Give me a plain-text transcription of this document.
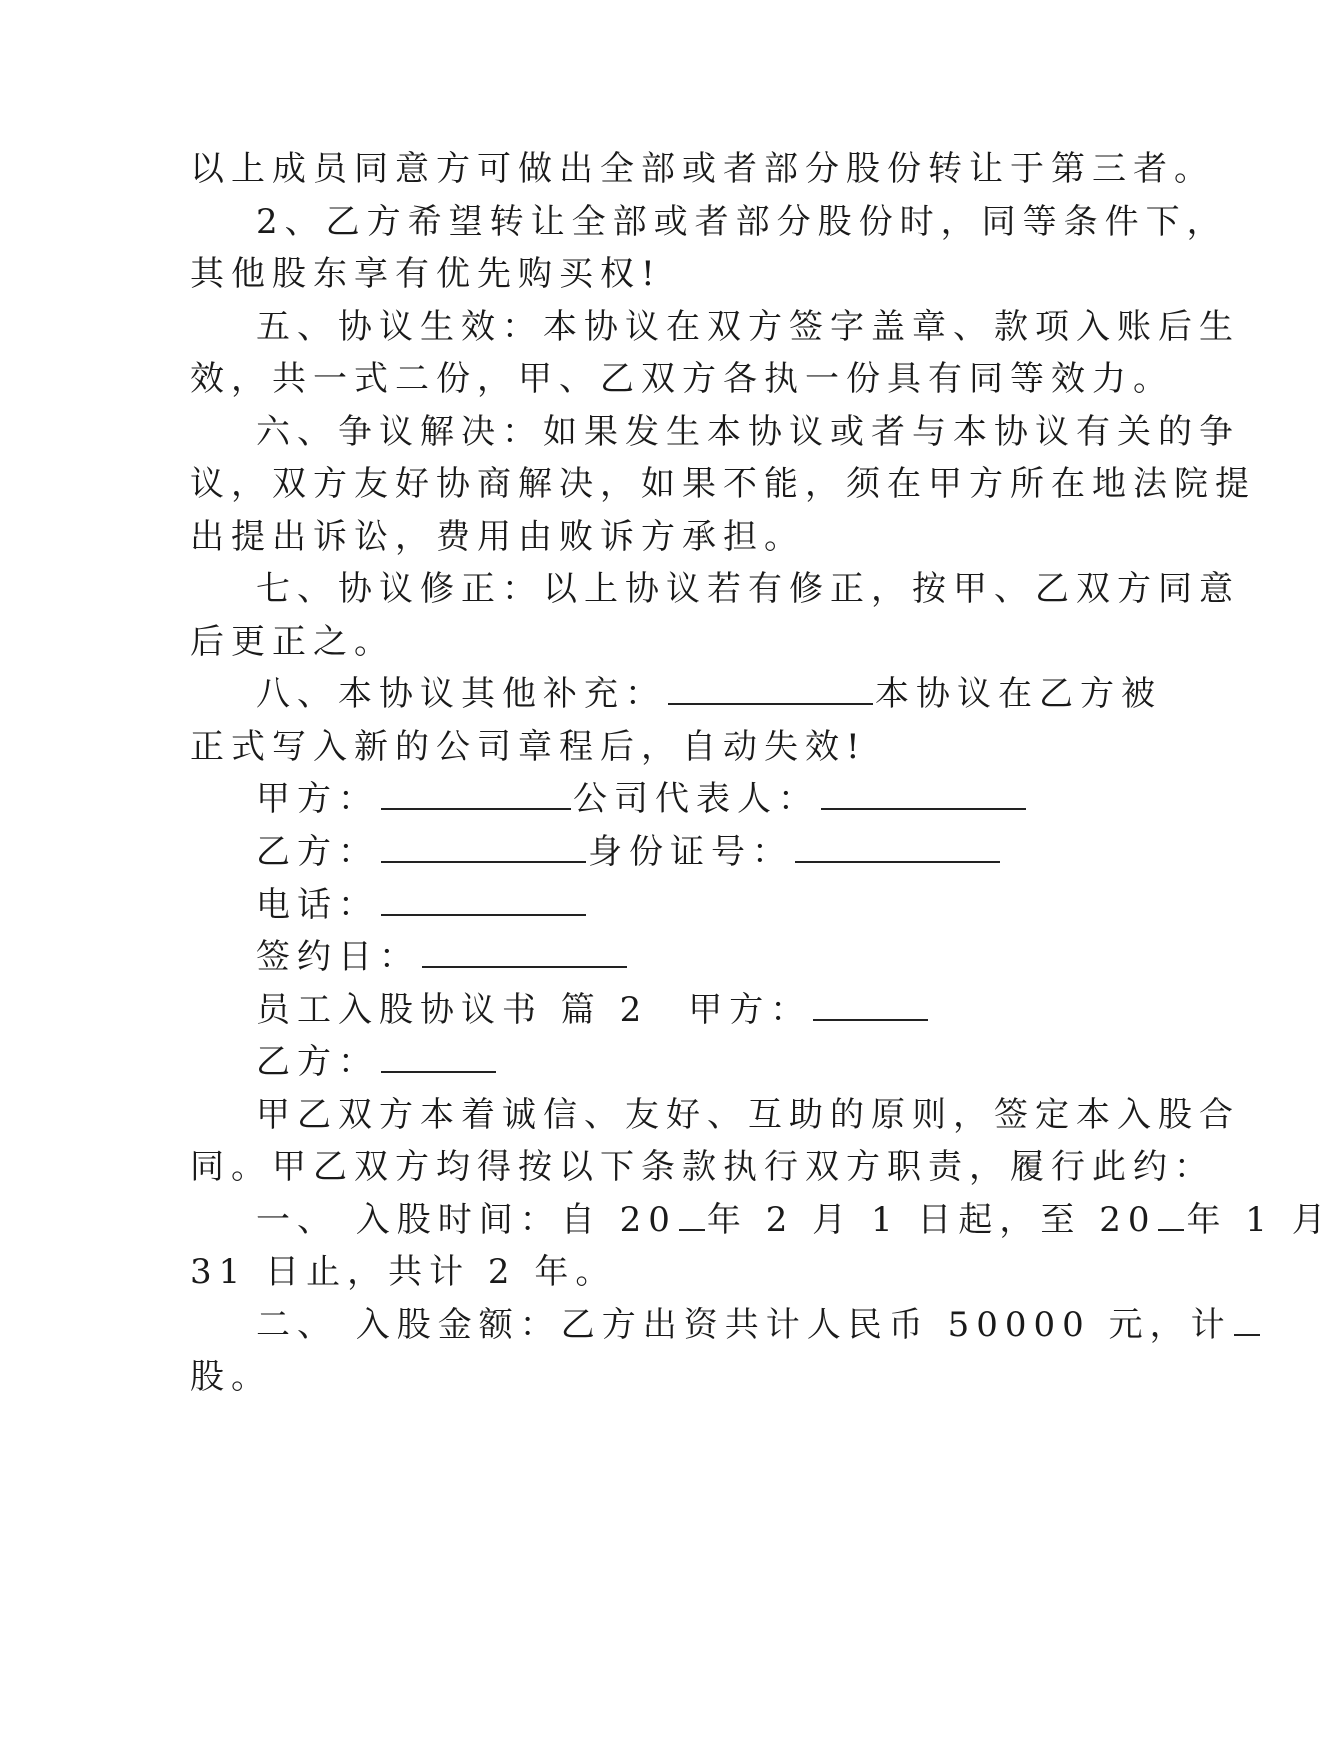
以上成员同意方可做出全部或者部分股份转让于第三者。
2、乙方希望转让全部或者部分股份时，同等条件下，
其他股东享有优先购买权!
五、协议生效：本协议在双方签字盖章、款项入账后生
效，共一式二份，甲、乙双方各执一份具有同等效力。
六、争议解决：如果发生本协议或者与本协议有关的争
议，双方友好协商解决，如果不能，须在甲方所在地法院提
出提出诉讼，费用由败诉方承担。
七、协议修正：以上协议若有修正，按甲、乙双方同意
后更正之。
八、本协议其他补充：	本协议在乙方被
正式写入新的公司章程后，自动失效!
甲方：	公司代表人：
乙方：	身份证号：
电话：
签约日：
员工入股协议书 篇 2 甲方：
乙方：
甲乙双方本着诚信、友好、互助的原则，签定本入股合
同。甲乙双方均得按以下条款执行双方职责，履行此约：
一、 入股时间：自 20 年 2 月 1 日起，至 20 年 1 月
31 日止，共计 2 年。
二、 入股金额：乙方出资共计人民币 50000 元，计
股。
